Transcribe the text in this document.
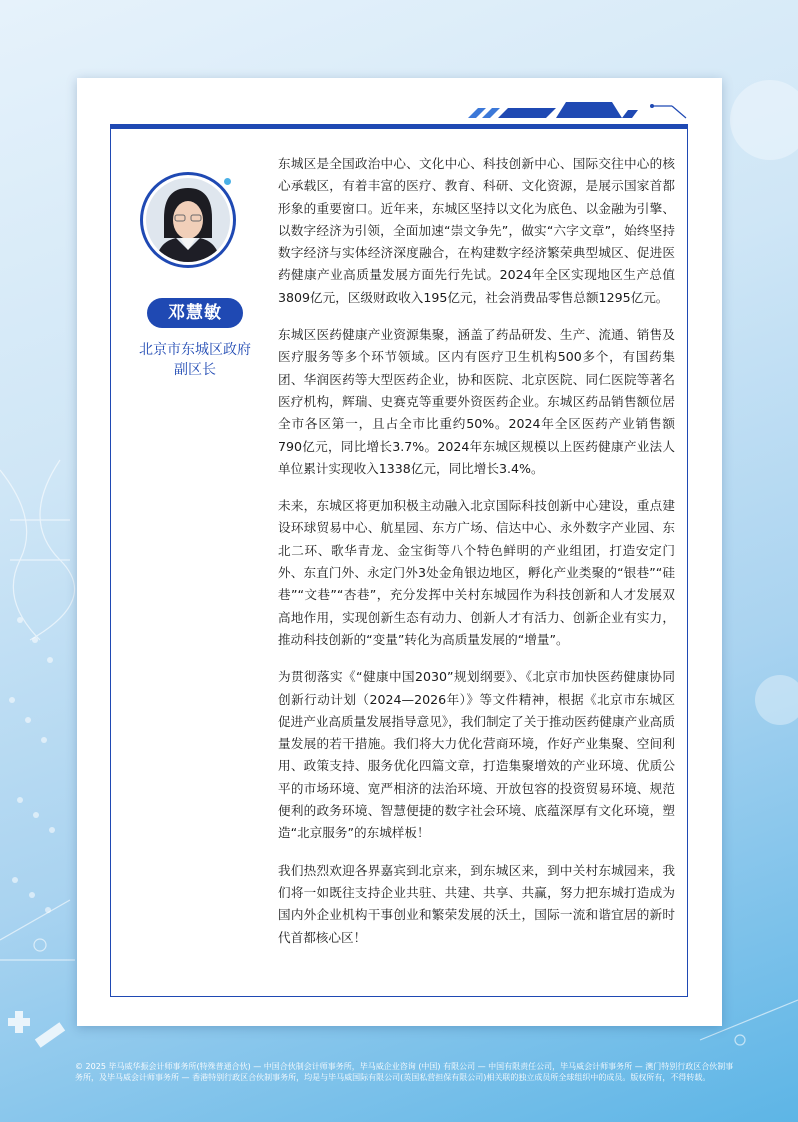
邓慧敏
北京市东城区政府
副区长

东城区是全国政治中心、文化中心、科技创新中心、国际交往中心的核心承载区，有着丰富的医疗、教育、科研、文化资源，是展示国家首都形象的重要窗口。近年来，东城区坚持以文化为底色、以金融为引擎、以数字经济为引领，全面加速“崇文争先”，做实“六字文章”，始终坚持数字经济与实体经济深度融合，在构建数字经济繁荣典型城区、促进医药健康产业高质量发展方面先行先试。2024年全区实现地区生产总值3809亿元，区级财政收入195亿元，社会消费品零售总额1295亿元。

东城区医药健康产业资源集聚，涵盖了药品研发、生产、流通、销售及医疗服务等多个环节领域。区内有医疗卫生机构500多个，有国药集团、华润医药等大型医药企业，协和医院、北京医院、同仁医院等著名医疗机构，辉瑞、史赛克等重要外资医药企业。东城区药品销售额位居全市各区第一，且占全市比重约50%。2024年全区医药产业销售额790亿元，同比增长3.7%。2024年东城区规模以上医药健康产业法人单位累计实现收入1338亿元，同比增长3.4%。

未来，东城区将更加积极主动融入北京国际科技创新中心建设，重点建设环球贸易中心、航星园、东方广场、信达中心、永外数字产业园、东北二环、歌华青龙、金宝街等八个特色鲜明的产业组团，打造安定门外、东直门外、永定门外3处金角银边地区，孵化产业类聚的“银巷”“硅巷”“文巷”“杏巷”，充分发挥中关村东城园作为科技创新和人才发展双高地作用，实现创新生态有动力、创新人才有活力、创新企业有实力，推动科技创新的“变量”转化为高质量发展的“增量”。

为贯彻落实《“健康中国2030”规划纲要》、《北京市加快医药健康协同创新行动计划（2024—2026年）》等文件精神，根据《北京市东城区促进产业高质量发展指导意见》，我们制定了关于推动医药健康产业高质量发展的若干措施。我们将大力优化营商环境，作好产业集聚、空间利用、政策支持、服务优化四篇文章，打造集聚增效的产业环境、优质公平的市场环境、宽严相济的法治环境、开放包容的投资贸易环境、规范便利的政务环境、智慧便捷的数字社会环境、底蕴深厚有文化环境，塑造“北京服务”的东城样板！

我们热烈欢迎各界嘉宾到北京来，到东城区来，到中关村东城园来，我们将一如既往支持企业共驻、共建、共享、共赢，努力把东城打造成为国内外企业机构干事创业和繁荣发展的沃土，国际一流和谐宜居的新时代首都核心区！

© 2025 毕马威华振会计师事务所(特殊普通合伙) — 中国合伙制会计师事务所，毕马威企业咨询 (中国) 有限公司 — 中国有限责任公司，毕马威会计师事务所 — 澳门特别行政区合伙制事务所，及毕马威会计师事务所 — 香港特别行政区合伙制事务所，均是与毕马威国际有限公司(英国私营担保有限公司)相关联的独立成员所全球组织中的成员。版权所有，不得转载。
